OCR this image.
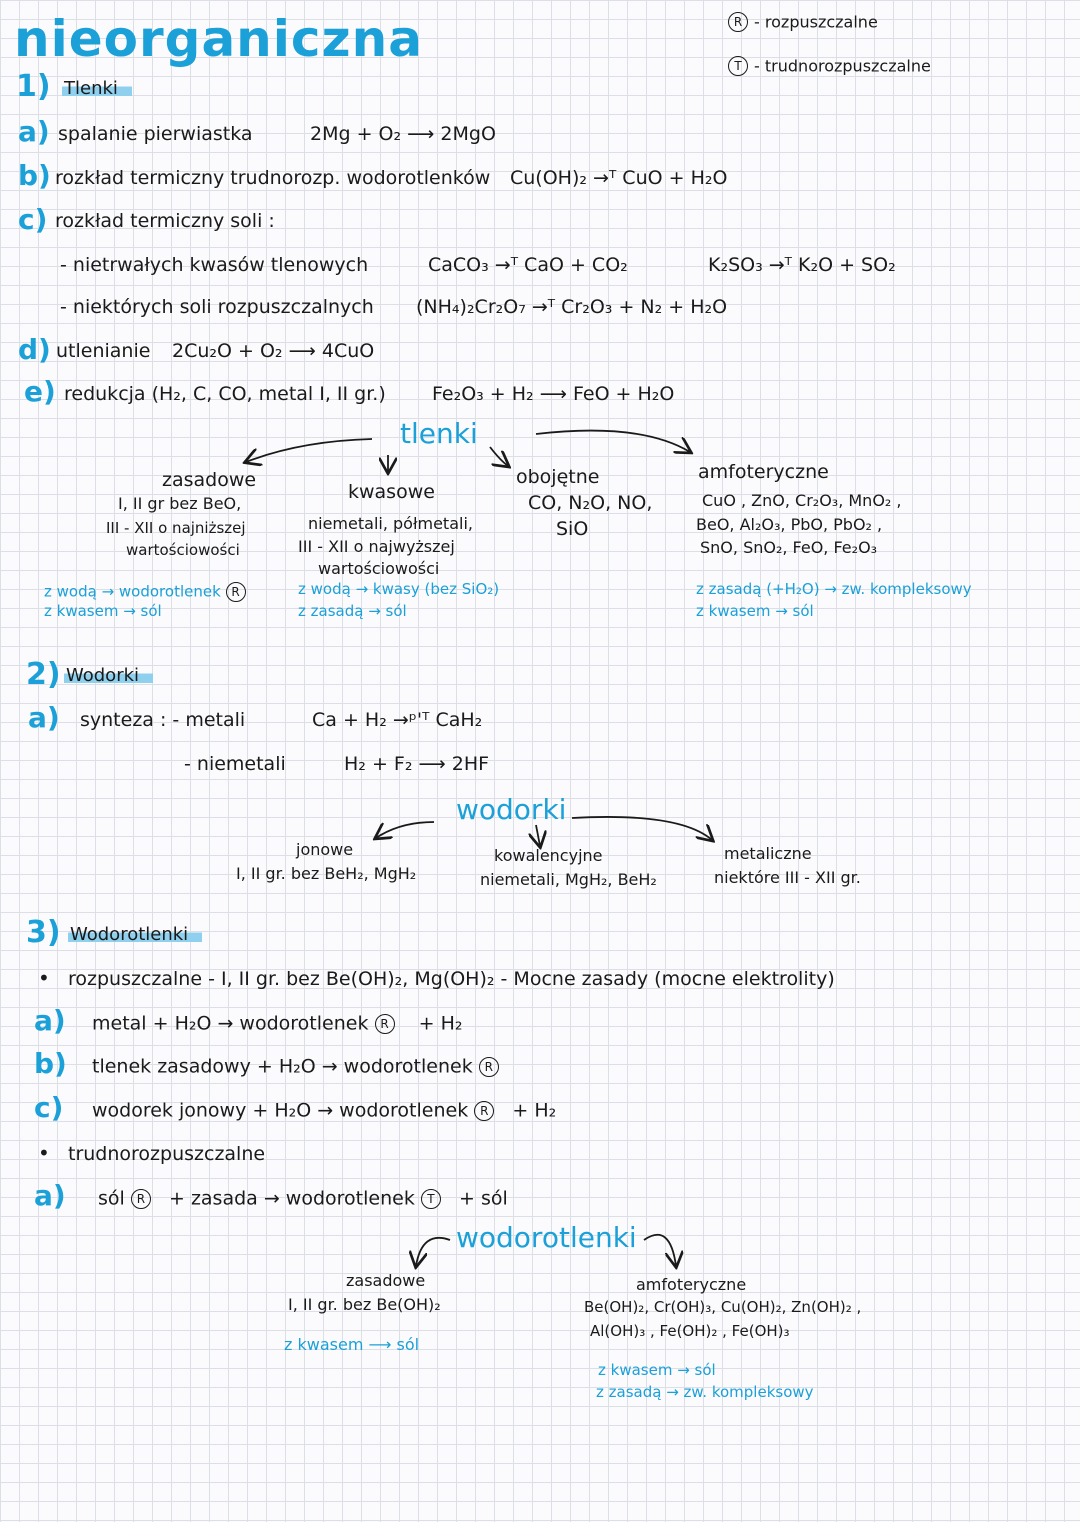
nieorganiczna	R - rozpuszczalne
T - trudnorozpuszczalne
1) Tlenki
a) spalanie pierwiastka	2Mg + O₂ ⟶ 2MgO
b) rozkład termiczny trudnorozp. wodorotlenków Cu(OH)₂ →ᵀ CuO + H₂O
c) rozkład termiczny soli :
- nietrwałych kwasów tlenowych	CaCO₃ →ᵀ CaO + CO₂	K₂SO₃ →ᵀ K₂O + SO₂
- niektórych soli rozpuszczalnych (NH₄)₂Cr₂O₇ →ᵀ Cr₂O₃ + N₂ + H₂O
d) utlenianie 2Cu₂O + O₂ ⟶ 4CuO
e) redukcja (H₂, C, CO, metal I, II gr.) Fe₂O₃ + H₂ ⟶ FeO + H₂O
tlenki
zasadowe
I, II gr bez BeO,
III - XII o najniższej
wartościowości
z wodą → wodorotlenek R
z kwasem → sól
kwasowe
niemetali, półmetali,
III - XII o najwyższej
wartościowości
z wodą → kwasy (bez SiO₂)
z zasadą → sól
obojętne
CO, N₂O, NO,
SiO
amfoteryczne
CuO , ZnO, Cr₂O₃, MnO₂ ,
BeO, Al₂O₃, PbO, PbO₂ ,
SnO, SnO₂, FeO, Fe₂O₃
z zasadą (+H₂O) → zw. kompleksowy
z kwasem → sól
2) Wodorki
a) synteza : - metali	Ca + H₂ →ᵖ'ᵀ CaH₂
- niemetali	H₂ + F₂ ⟶ 2HF
wodorki
jonowe
I, II gr. bez BeH₂, MgH₂
kowalencyjne
niemetali, MgH₂, BeH₂
metaliczne
niektóre III - XII gr.
3) Wodorotlenki
• rozpuszczalne - I, II gr. bez Be(OH)₂, Mg(OH)₂ - Mocne zasady (mocne elektrolity)
a) metal + H₂O → wodorotlenek R + H₂
b) tlenek zasadowy + H₂O → wodorotlenek R
c) wodorek jonowy + H₂O → wodorotlenek R + H₂
• trudnorozpuszczalne
a) sól R + zasada → wodorotlenek T + sól
wodorotlenki
zasadowe
I, II gr. bez Be(OH)₂
z kwasem ⟶ sól
amfoteryczne
Be(OH)₂, Cr(OH)₃, Cu(OH)₂, Zn(OH)₂ ,
Al(OH)₃ , Fe(OH)₂ , Fe(OH)₃
z kwasem → sól
z zasadą → zw. kompleksowy
